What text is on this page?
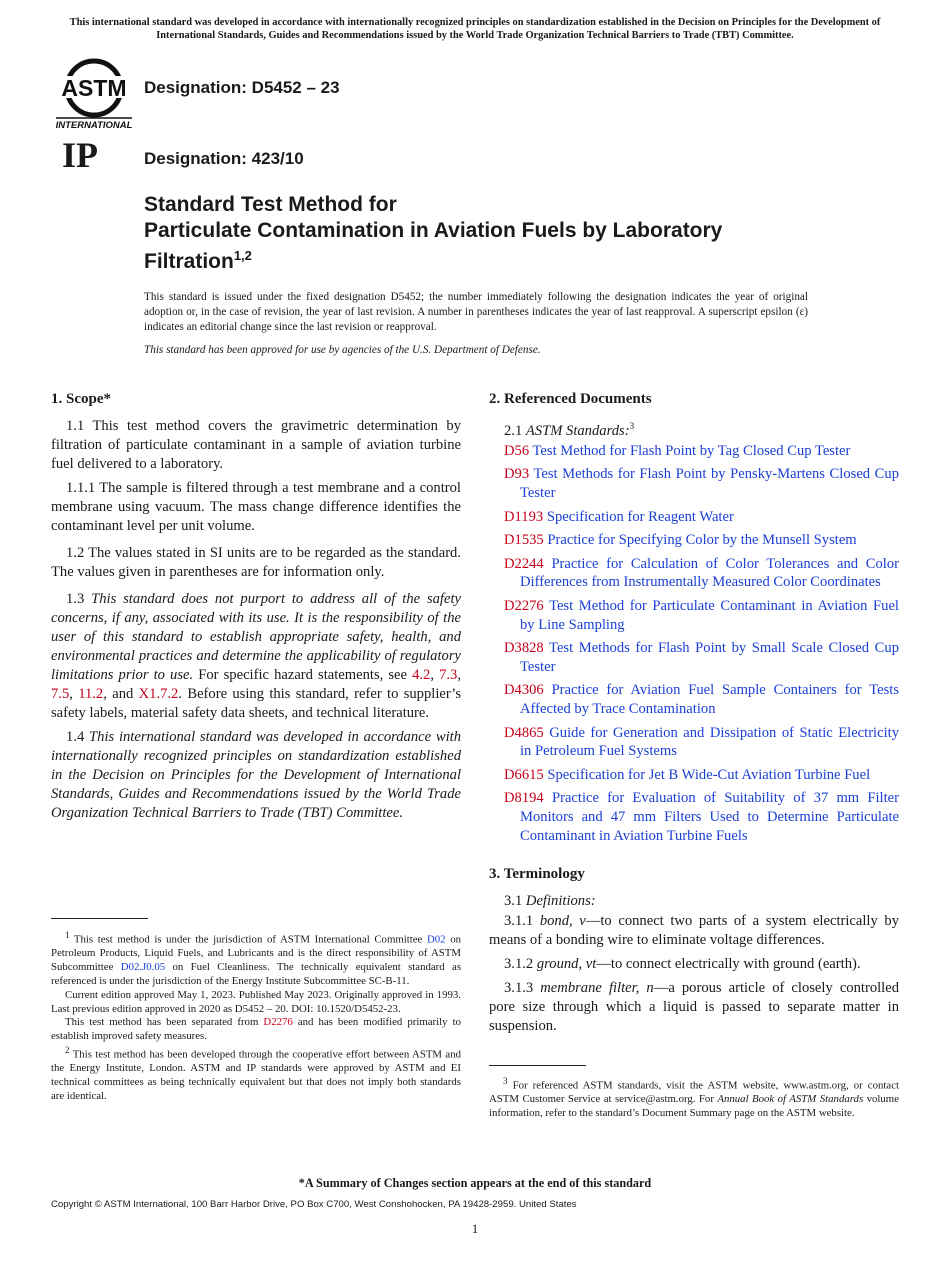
This international standard was developed in accordance with internationally recognized principles on standardization established in the Decision on Principles for the Development of International Standards, Guides and Recommendations issued by the World Trade Organization Technical Barriers to Trade (TBT) Committee.
ASTM
INTERNATIONAL
Designation: D5452 – 23
IP	Designation: 423/10
Standard Test Method for
Particulate Contamination in Aviation Fuels by Laboratory
Filtration$^{1,2}$
This standard is issued under the fixed designation D5452; the number immediately following the designation indicates the year of original adoption or, in the case of revision, the year of last revision. A number in parentheses indicates the year of last reapproval. A superscript epsilon (ε) indicates an editorial change since the last revision or reapproval.
This standard has been approved for use by agencies of the U.S. Department of Defense.
1. Scope*

1.1 This test method covers the gravimetric determination by filtration of particulate contaminant in a sample of aviation turbine fuel delivered to a laboratory.

1.1.1 The sample is filtered through a test membrane and a control membrane using vacuum. The mass change difference identifies the contaminant level per unit volume.

1.2 The values stated in SI units are to be regarded as the standard. The values given in parentheses are for information only.

1.3 This standard does not purport to address all of the safety concerns, if any, associated with its use. It is the responsibility of the user of this standard to establish appropriate safety, health, and environmental practices and determine the applicability of regulatory limitations prior to use. For specific hazard statements, see 4.2, 7.3, 7.5, 11.2, and X1.7.2. Before using this standard, refer to supplier’s safety labels, material safety data sheets, and technical literature.

1.4 This international standard was developed in accordance with internationally recognized principles on standardization established in the Decision on Principles for the Development of International Standards, Guides and Recommendations issued by the World Trade Organization Technical Barriers to Trade (TBT) Committee.

$^1$ This test method is under the jurisdiction of ASTM International Committee D02 on Petroleum Products, Liquid Fuels, and Lubricants and is the direct responsibility of ASTM Subcommittee D02.J0.05 on Fuel Cleanliness. The technically equivalent standard as referenced is under the jurisdiction of the Energy Institute Subcommittee SC-B-11.

Current edition approved May 1, 2023. Published May 2023. Originally approved in 1993. Last previous edition approved in 2020 as D5452 – 20. DOI: 10.1520/D5452-23.

This test method has been separated from D2276 and has been modified primarily to establish improved safety measures.

$^2$ This test method has been developed through the cooperative effort between ASTM and the Energy Institute, London. ASTM and IP standards were approved by ASTM and EI technical committees as being technically equivalent but that does not imply both standards are identical.

2. Referenced Documents
2.1 ASTM Standards:$^3$

D56 Test Method for Flash Point by Tag Closed Cup Tester

D93 Test Methods for Flash Point by Pensky-Martens Closed Cup Tester

D1193 Specification for Reagent Water

D1535 Practice for Specifying Color by the Munsell System

D2244 Practice for Calculation of Color Tolerances and Color Differences from Instrumentally Measured Color Coordinates

D2276 Test Method for Particulate Contaminant in Aviation Fuel by Line Sampling

D3828 Test Methods for Flash Point by Small Scale Closed Cup Tester

D4306 Practice for Aviation Fuel Sample Containers for Tests Affected by Trace Contamination

D4865 Guide for Generation and Dissipation of Static Electricity in Petroleum Fuel Systems

D6615 Specification for Jet B Wide-Cut Aviation Turbine Fuel

D8194 Practice for Evaluation of Suitability of 37 mm Filter Monitors and 47 mm Filters Used to Determine Particulate Contaminant in Aviation Turbine Fuels

3. Terminology
3.1 Definitions:

3.1.1 bond, v—to connect two parts of a system electrically by means of a bonding wire to eliminate voltage differences.

3.1.2 ground, vt—to connect electrically with ground (earth).

3.1.3 membrane filter, n—a porous article of closely controlled pore size through which a liquid is passed to separate matter in suspension.

$^3$ For referenced ASTM standards, visit the ASTM website, www.astm.org, or contact ASTM Customer Service at service@astm.org. For Annual Book of ASTM Standards volume information, refer to the standard’s Document Summary page on the ASTM website.

*A Summary of Changes section appears at the end of this standard
Copyright © ASTM International, 100 Barr Harbor Drive, PO Box C700, West Conshohocken, PA 19428-2959. United States
1
